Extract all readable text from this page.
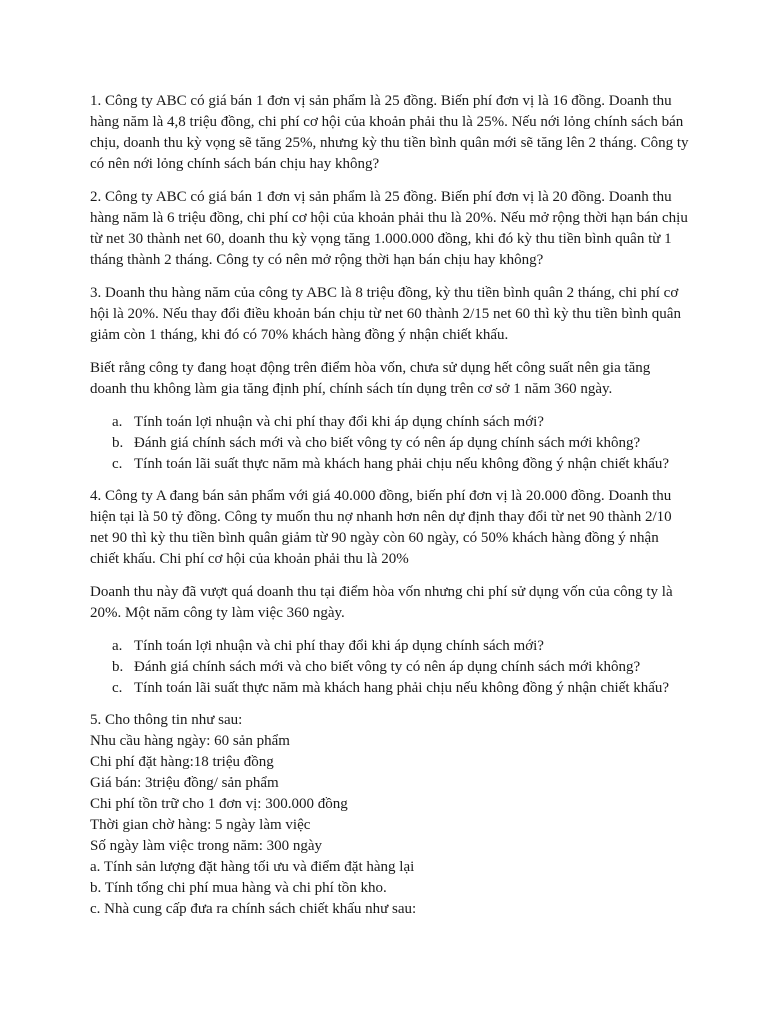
1. Công ty ABC có giá bán 1 đơn vị sản phẩm là 25 đồng. Biến phí đơn vị là 16 đồng. Doanh thu hàng năm là 4,8 triệu đồng, chi phí cơ hội của khoản phải thu là 25%. Nếu nới lỏng chính sách bán chịu, doanh thu kỳ vọng sẽ tăng 25%, nhưng kỳ thu tiền bình quân mới sẽ tăng lên 2 tháng. Công ty có nên nới lỏng chính sách bán chịu hay không?

2. Công ty ABC có giá bán 1 đơn vị sản phẩm là 25 đồng. Biến phí đơn vị là 20 đồng. Doanh thu hàng năm là 6 triệu đồng, chi phí cơ hội của khoản phải thu là 20%. Nếu mở rộng thời hạn bán chịu từ net 30 thành net 60, doanh thu kỳ vọng tăng 1.000.000 đồng, khi đó kỳ thu tiền bình quân từ 1 tháng thành 2 tháng. Công ty có nên mở rộng thời hạn bán chịu hay không?

3. Doanh thu hàng năm của công ty ABC là 8 triệu đồng, kỳ thu tiền bình quân 2 tháng, chi phí cơ hội là 20%. Nếu thay đổi điều khoản bán chịu từ net 60 thành 2/15 net 60 thì kỳ thu tiền bình quân giảm còn 1 tháng, khi đó có 70% khách hàng đồng ý nhận chiết khấu.

Biết rằng công ty đang hoạt động trên điểm hòa vốn, chưa sử dụng hết công suất nên gia tăng doanh thu không làm gia tăng định phí, chính sách tín dụng trên cơ sở 1 năm 360 ngày.

a. Tính toán lợi nhuận và chi phí thay đổi khi áp dụng chính sách mới?
b. Đánh giá chính sách mới và cho biết vông ty có nên áp dụng chính sách mới không?
c. Tính toán lãi suất thực năm mà khách hang phải chịu nếu không đồng ý nhận chiết khấu?

4. Công ty A đang bán sản phẩm với giá 40.000 đồng, biến phí đơn vị là 20.000 đồng. Doanh thu hiện tại là 50 tỷ đồng. Công ty muốn thu nợ nhanh hơn nên dự định thay đổi từ net 90 thành 2/10 net 90 thì kỳ thu tiền bình quân giảm từ 90 ngày còn 60 ngày, có 50% khách hàng đồng ý nhận chiết khấu. Chi phí cơ hội của khoản phải thu là 20%

Doanh thu này đã vượt quá doanh thu tại điểm hòa vốn nhưng chi phí sử dụng vốn của công ty là 20%. Một năm công ty làm việc 360 ngày.

a. Tính toán lợi nhuận và chi phí thay đổi khi áp dụng chính sách mới?
b. Đánh giá chính sách mới và cho biết vông ty có nên áp dụng chính sách mới không?
c. Tính toán lãi suất thực năm mà khách hang phải chịu nếu không đồng ý nhận chiết khấu?
5. Cho thông tin như sau:
Nhu cầu hàng ngày: 60 sản phẩm
Chi phí đặt hàng:18 triệu đồng
Giá bán: 3triệu đồng/ sản phẩm
Chi phí tồn trữ cho 1 đơn vị: 300.000 đồng
Thời gian chờ hàng: 5 ngày làm việc
Số ngày làm việc trong năm: 300 ngày
a. Tính sản lượng đặt hàng tối ưu và điểm đặt hàng lại
b. Tính tổng chi phí mua hàng và chi phí tồn kho.
c. Nhà cung cấp đưa ra chính sách chiết khấu như sau:
